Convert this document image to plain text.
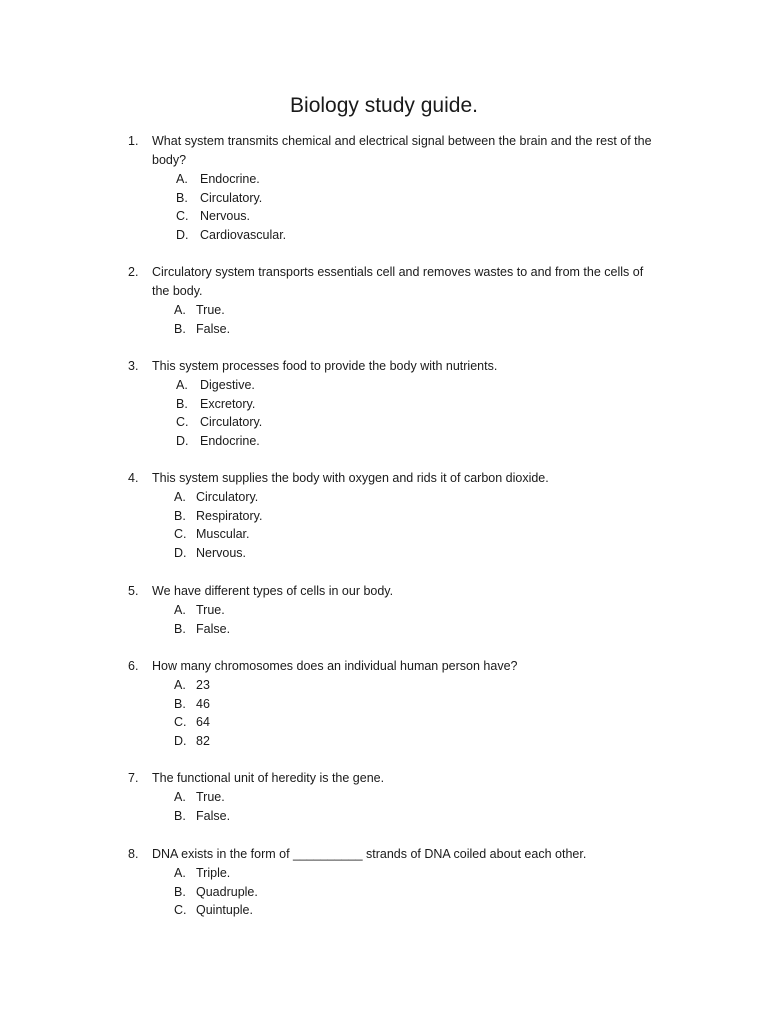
Biology study guide.
1.	What system transmits chemical and electrical signal between the brain and the rest of the body?
A. Endocrine.
B. Circulatory.
C. Nervous.
D. Cardiovascular.
2.	Circulatory system transports essentials cell and removes wastes to and from the cells of the body.
A. True.
B. False.
3.	This system processes food to provide the body with nutrients.
A. Digestive.
B. Excretory.
C. Circulatory.
D. Endocrine.
4.	This system supplies the body with oxygen and rids it of carbon dioxide.
A. Circulatory.
B. Respiratory.
C. Muscular.
D. Nervous.
5.	We have different types of cells in our body.
A. True.
B. False.
6.	How many chromosomes does an individual human person have?
A. 23
B. 46
C. 64
D. 82
7.	The functional unit of heredity is the gene.
A. True.
B. False.
8.	DNA exists in the form of __________ strands of DNA coiled about each other.
A. Triple.
B. Quadruple.
C. Quintuple.
